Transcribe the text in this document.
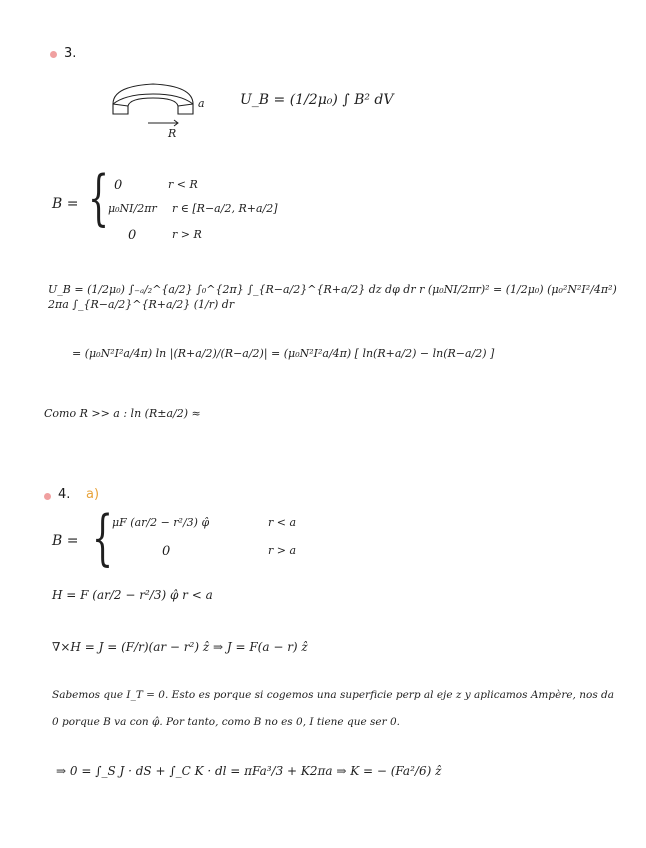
3.
a
R
U_B = (1/2μ₀) ∫ B² dV
B = { 0	r < R
μ₀NI/2πr r ∈ [R−a/2, R+a/2]
0	r > R
U_B = (1/2μ₀) ∫₋ₐ/₂^{a/2} ∫₀^{2π} ∫_{R−a/2}^{R+a/2} dz dφ dr r (μ₀NI/2πr)² = (1/2μ₀) (μ₀²N²I²/4π²) 2πa ∫_{R−a/2}^{R+a/2} (1/r) dr
= (μ₀N²I²a/4π) ln |(R+a/2)/(R−a/2)| = (μ₀N²I²a/4π) [ ln(R+a/2) − ln(R−a/2) ]
Como R >> a : ln (R±a/2) ≈
4. a)
B = {
μF (ar/2 − r²/3) φ̂	r < a
0	r > a
H = F (ar/2 − r²/3) φ̂ r < a
∇×H = J = (F/r)(ar − r²) ẑ ⇒ J = F(a − r) ẑ
Sabemos que I_T = 0. Esto es porque si cogemos una superficie perp al eje z y aplicamos Ampère, nos da
0 porque B va con φ̂. Por tanto, como B no es 0, I tiene que ser 0.
⇒ 0 = ∫_S J · dS + ∫_C K · dl = πFa³/3 + K2πa ⇒ K = − (Fa²/6) ẑ
